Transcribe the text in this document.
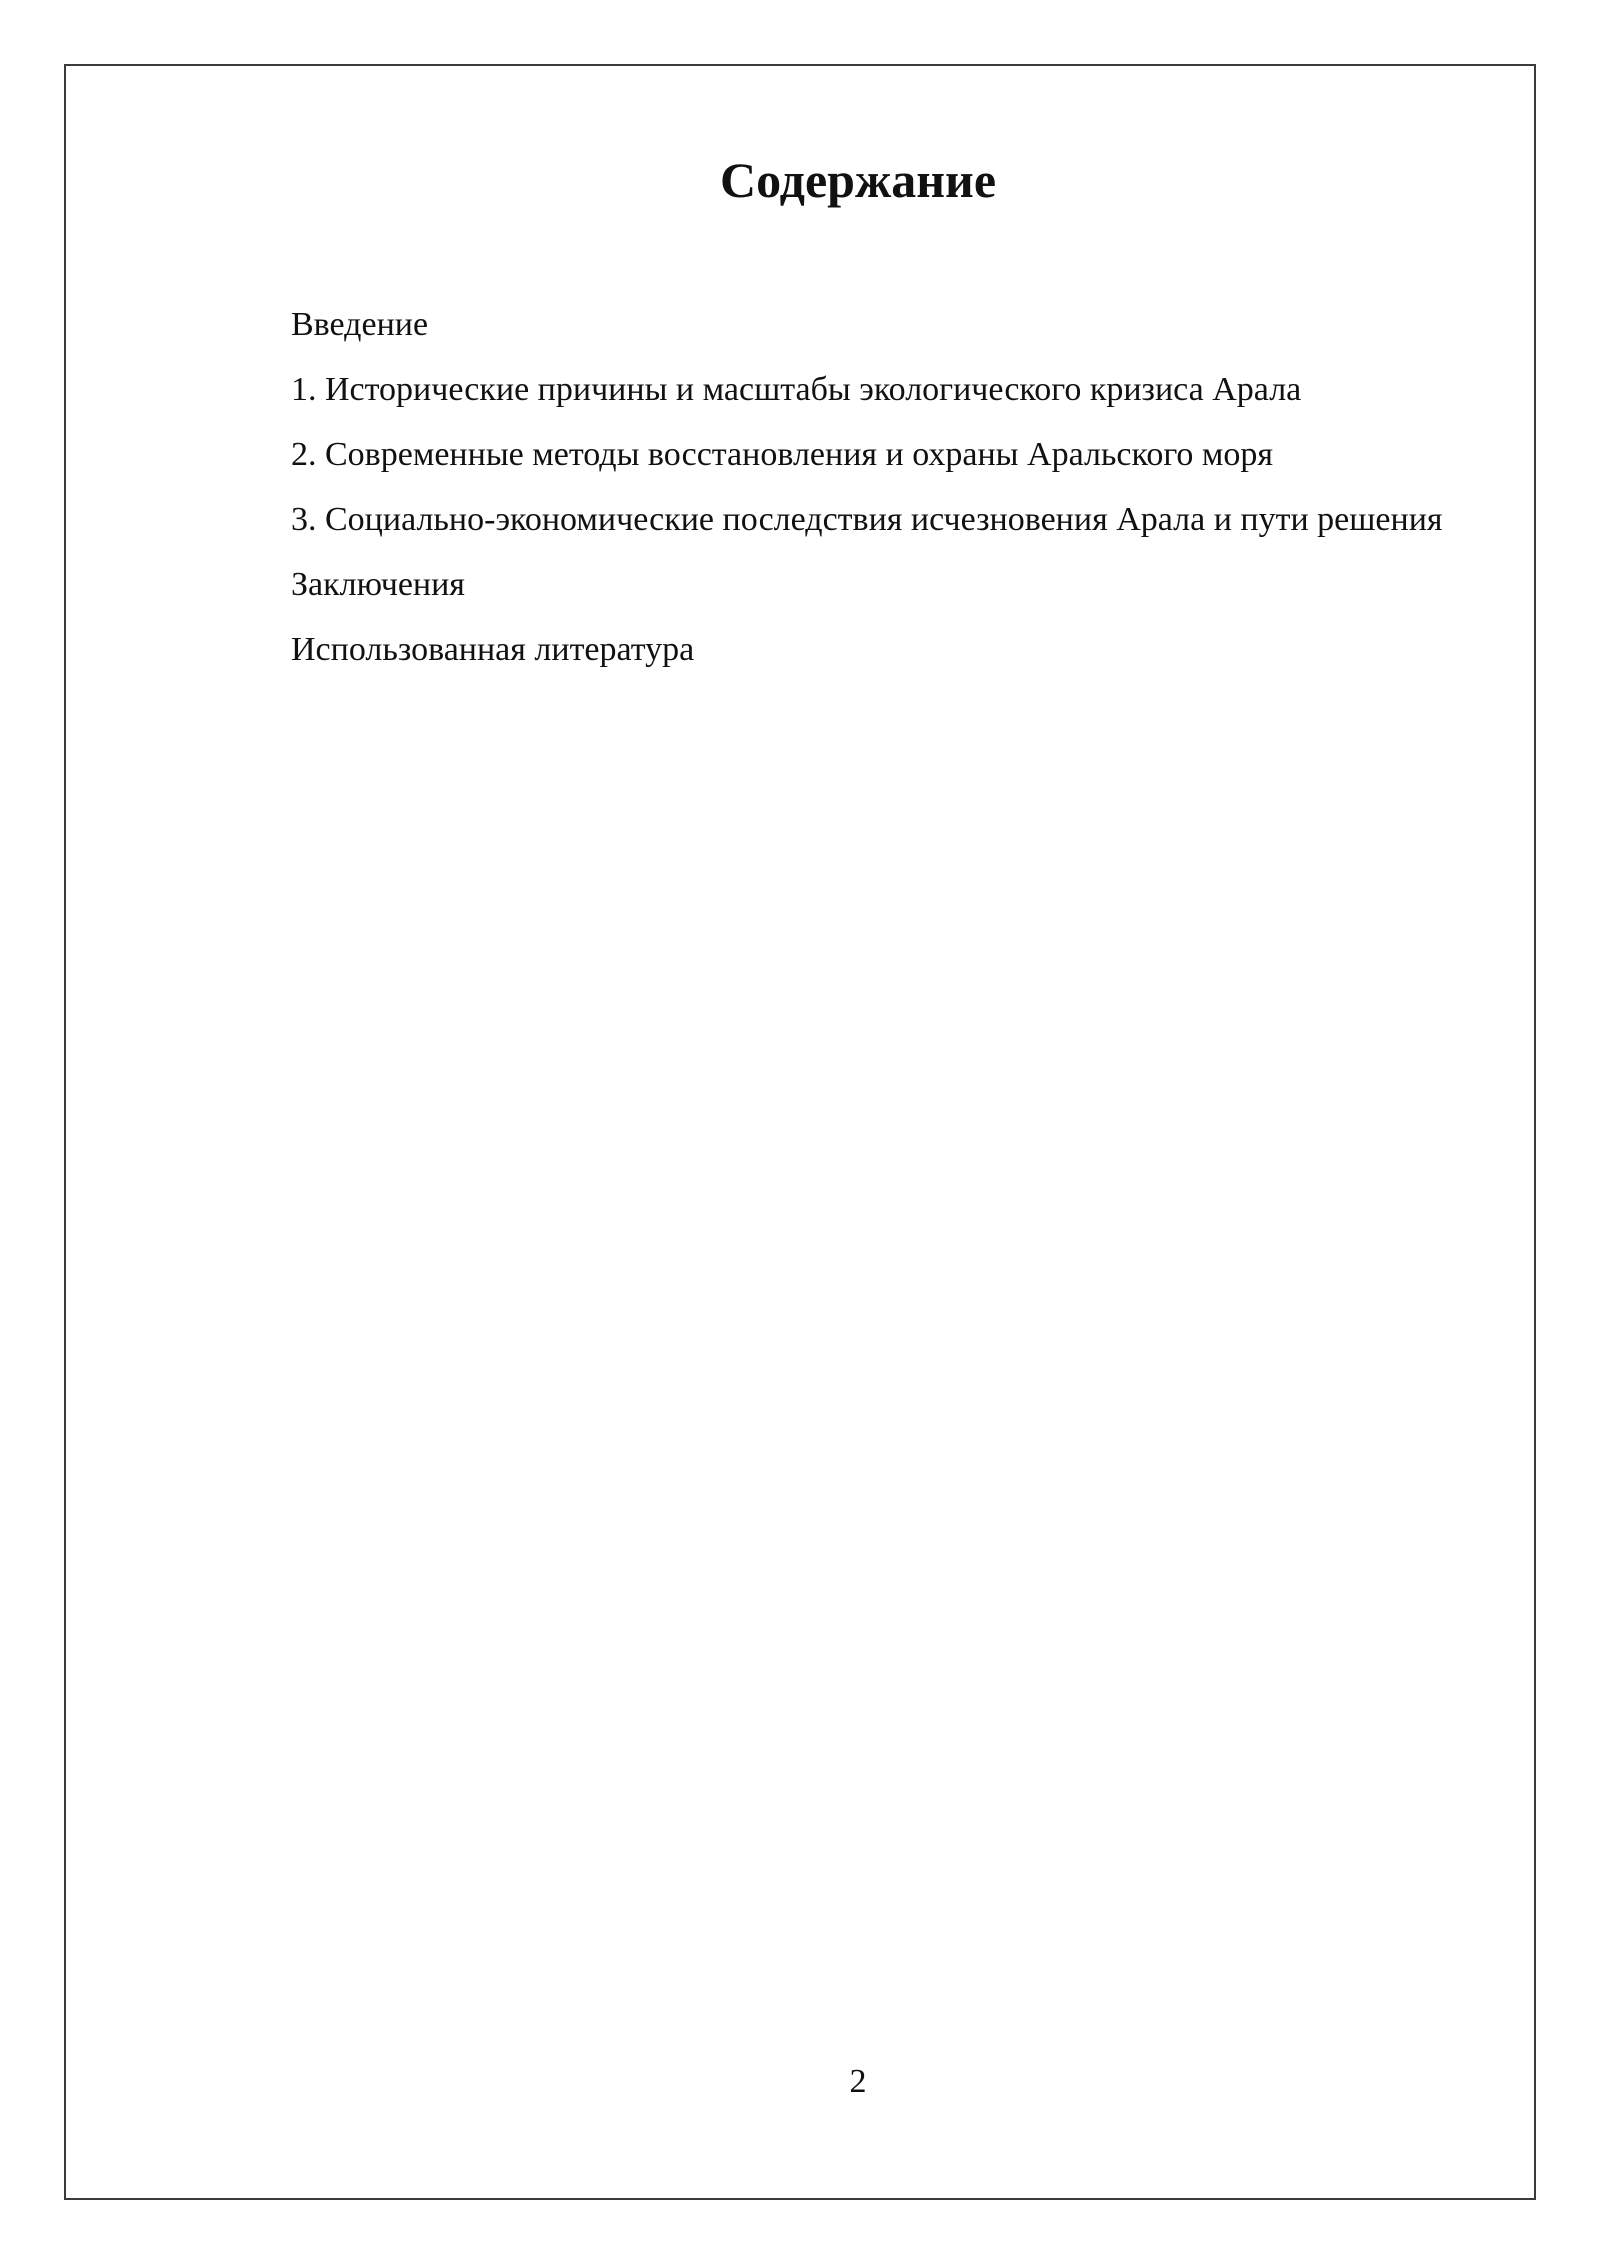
Содержание
Введение
1. Исторические причины и масштабы экологического кризиса Арала
2. Современные методы восстановления и охраны Аральского моря
3. Социально-экономические последствия исчезновения Арала и пути решения
Заключения
Использованная литература
2
